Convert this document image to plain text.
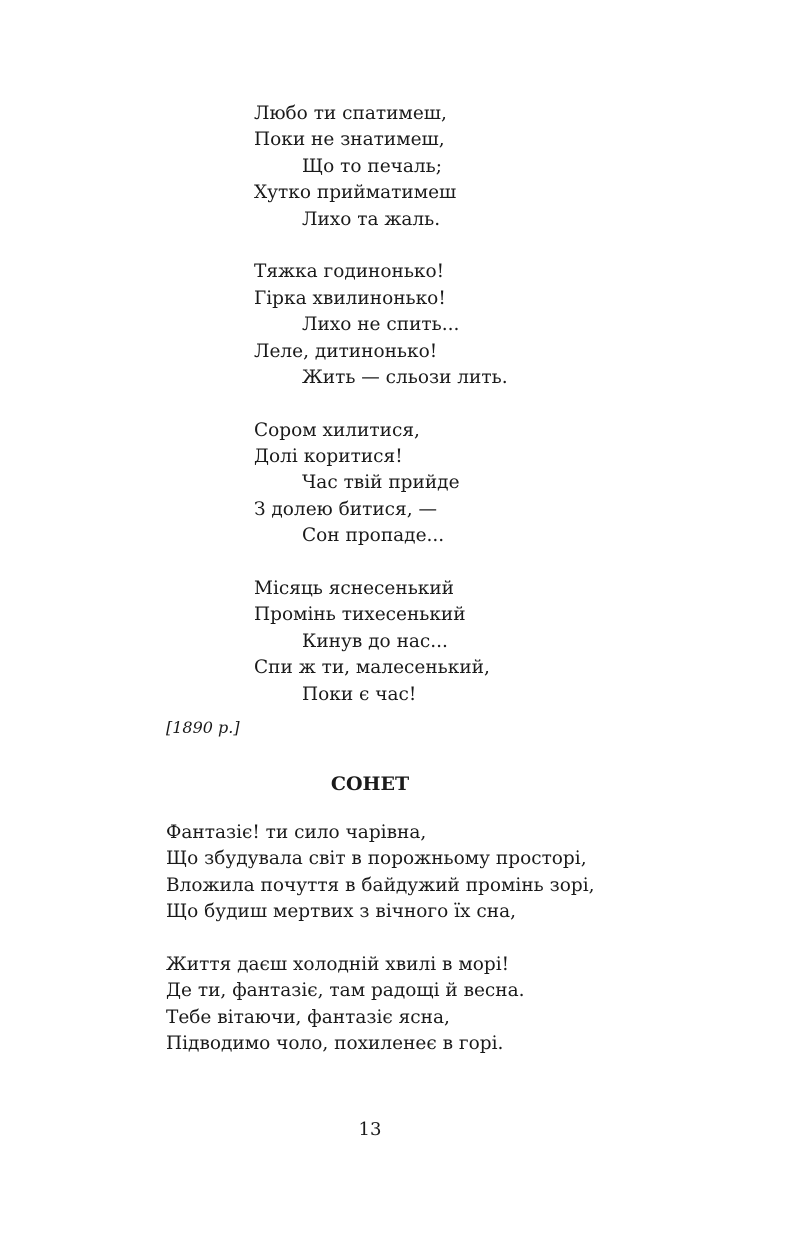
Любо ти спатимеш,
Поки не знатимеш,
Що то печаль;
Хутко прийматимеш
Лихо та жаль.
Тяжка годинонько!
Гірка хвилинонько!
Лихо не спить...
Леле, дитинонько!
Жить — сльози лить.
Сором хилитися,
Долі коритися!
Час твій прийде
З долею битися, —
Сон пропаде...
Місяць яснесенький
Промінь тихесенький
Кинув до нас...
Спи ж ти, малесенький,
Поки є час!
[1890 р.]
СОНЕТ
Фантазіє! ти сило чарівна,
Що збудувала світ в порожньому просторі,
Вложила почуття в байдужий промінь зорі,
Що будиш мертвих з вічного їх сна,
Життя даєш холодній хвилі в морі!
Де ти, фантазіє, там радощі й весна.
Тебе вітаючи, фантазіє ясна,
Підводимо чоло, похиленеє в горі.
13
